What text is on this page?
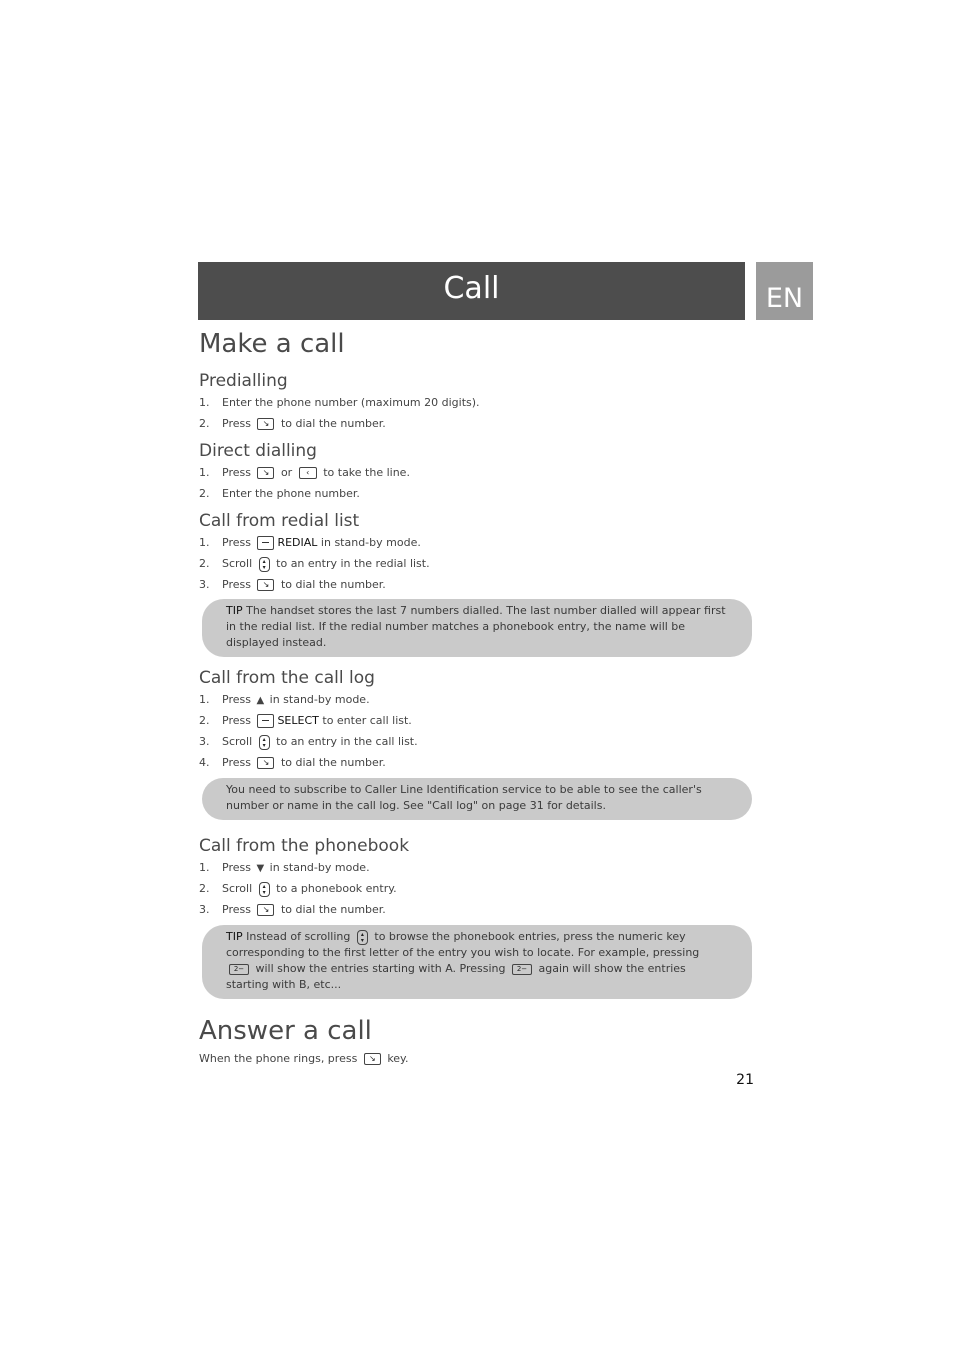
Call	EN
Make a call
Predialling
1.	Enter the phone number (maximum 20 digits).
2.	Press ↘ to dial the number.
Direct dialling
1.	Press ↘ or ‹ to take the line.
2.	Enter the phone number.
Call from redial list
1.	Press REDIAL in stand-by mode.
2.	Scroll ▴
▾ to an entry in the redial list.
3.	Press ↘ to dial the number.
TIP The handset stores the last 7 numbers dialled. The last number dialled will appear first in the redial list. If the redial number matches a phonebook entry, the name will be displayed instead.
Call from the call log
1.	Press ▲ in stand-by mode.
2.	Press SELECT to enter call list.
3.	Scroll ▴
▾ to an entry in the call list.
4.	Press ↘ to dial the number.
You need to subscribe to Caller Line Identification service to be able to see the caller's number or name in the call log. See "Call log" on page 31 for details.
Call from the phonebook
1.	Press ▼ in stand-by mode.
2.	Scroll ▴
▾ to a phonebook entry.
3.	Press ↘ to dial the number.
TIP Instead of scrolling ▴
▾ to browse the phonebook entries, press the numeric key corresponding to the first letter of the entry you wish to locate. For example, pressing 2− will show the entries starting with A. Pressing 2− again will show the entries starting with B, etc...
Answer a call
When the phone rings, press ↘ key.
21
